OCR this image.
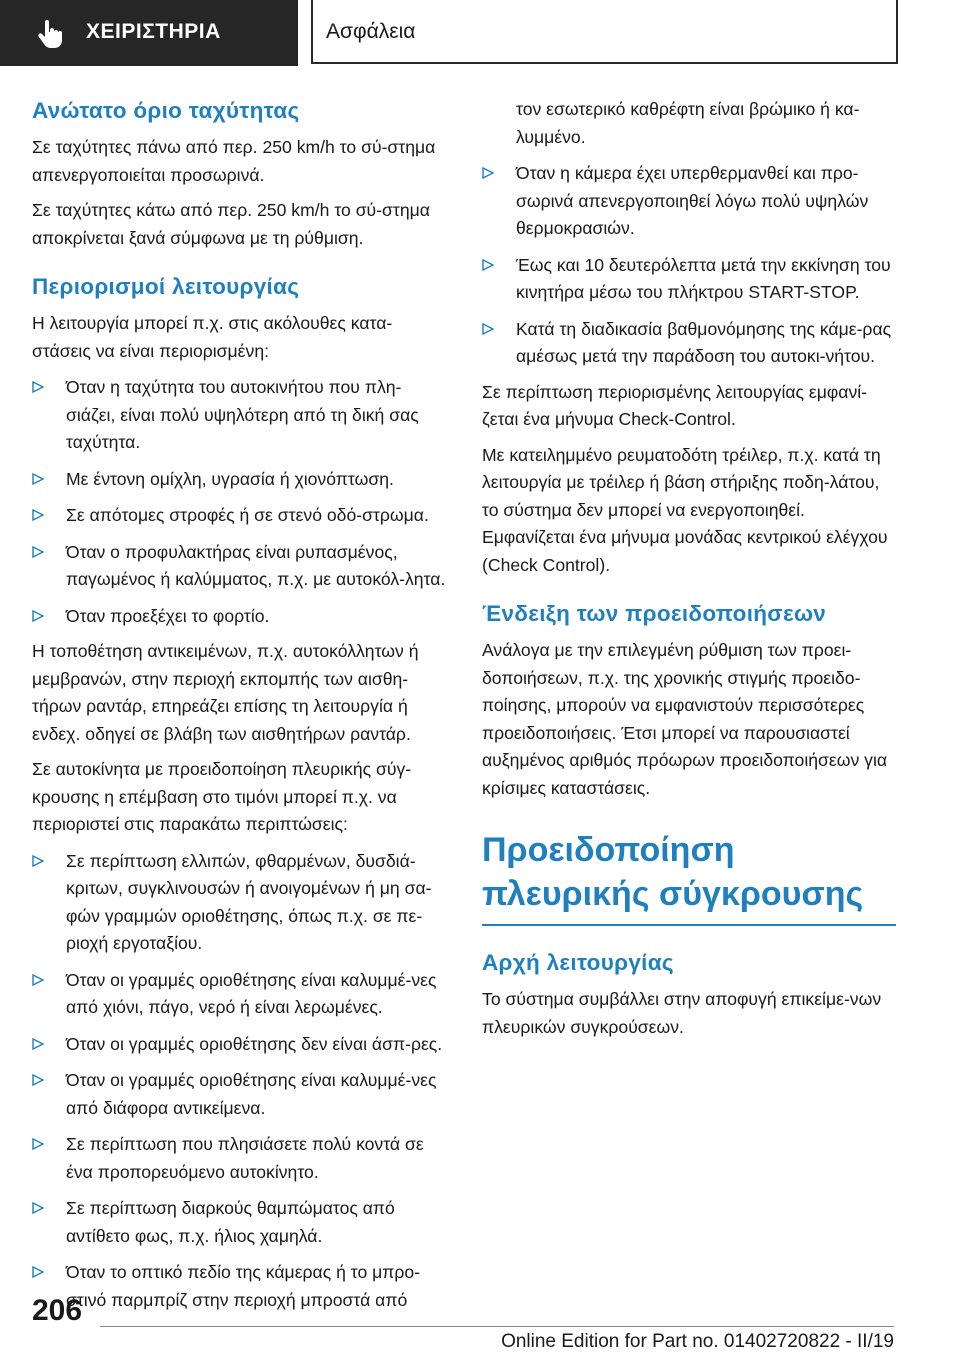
ΧΕΙΡΙΣΤΗΡΙΑ	Ασφάλεια
Ανώτατο όριο ταχύτητας

Σε ταχύτητες πάνω από περ. 250 km/h το σύ-στημα απενεργοποιείται προσωρινά.

Σε ταχύτητες κάτω από περ. 250 km/h το σύ-στημα αποκρίνεται ξανά σύμφωνα με τη ρύθμιση.

Περιορισμοί λειτουργίας

Η λειτουργία μπορεί π.χ. στις ακόλουθες κατα-στάσεις να είναι περιορισμένη:

Όταν η ταχύτητα του αυτοκινήτου που πλη-σιάζει, είναι πολύ υψηλότερη από τη δική σας ταχύτητα.
Με έντονη ομίχλη, υγρασία ή χιονόπτωση.
Σε απότομες στροφές ή σε στενό οδό-στρωμα.
Όταν ο προφυλακτήρας είναι ρυπασμένος, παγωμένος ή καλύμματος, π.χ. με αυτοκόλ-λητα.
Όταν προεξέχει το φορτίο.

Η τοποθέτηση αντικειμένων, π.χ. αυτοκόλλητων ή μεμβρανών, στην περιοχή εκπομπής των αισθη-τήρων ραντάρ, επηρεάζει επίσης τη λειτουργία ή ενδεχ. οδηγεί σε βλάβη των αισθητήρων ραντάρ.

Σε αυτοκίνητα με προειδοποίηση πλευρικής σύγ-κρουσης η επέμβαση στο τιμόνι μπορεί π.χ. να περιοριστεί στις παρακάτω περιπτώσεις:

Σε περίπτωση ελλιπών, φθαρμένων, δυσδιά-κριτων, συγκλινουσών ή ανοιγομένων ή μη σα-φών γραμμών οριοθέτησης, όπως π.χ. σε πε-ριοχή εργοταξίου.
Όταν οι γραμμές οριοθέτησης είναι καλυμμέ-νες από χιόνι, πάγο, νερό ή είναι λερωμένες.
Όταν οι γραμμές οριοθέτησης δεν είναι άσπ-ρες.
Όταν οι γραμμές οριοθέτησης είναι καλυμμέ-νες από διάφορα αντικείμενα.
Σε περίπτωση που πλησιάσετε πολύ κοντά σε ένα προπορευόμενο αυτοκίνητο.
Σε περίπτωση διαρκούς θαμπώματος από αντίθετο φως, π.χ. ήλιος χαμηλά.
Όταν το οπτικό πεδίο της κάμερας ή το μπρο-στινό παρμπρίζ στην περιοχή μπροστά από

τον εσωτερικό καθρέφτη είναι βρώμικο ή κα-λυμμένο.

Όταν η κάμερα έχει υπερθερμανθεί και προ-σωρινά απενεργοποιηθεί λόγω πολύ υψηλών θερμοκρασιών.
Έως και 10 δευτερόλεπτα μετά την εκκίνηση του κινητήρα μέσω του πλήκτρου START-STOP.
Κατά τη διαδικασία βαθμονόμησης της κάμε-ρας αμέσως μετά την παράδοση του αυτοκι-νήτου.

Σε περίπτωση περιορισμένης λειτουργίας εμφανί-ζεται ένα μήνυμα Check-Control.

Με κατειλημμένο ρευματοδότη τρέιλερ, π.χ. κατά τη λειτουργία με τρέιλερ ή βάση στήριξης ποδη-λάτου, το σύστημα δεν μπορεί να ενεργοποιηθεί. Εμφανίζεται ένα μήνυμα μονάδας κεντρικού ελέγχου (Check Control).

Ένδειξη των προειδοποιήσεων

Ανάλογα με την επιλεγμένη ρύθμιση των προει-δοποιήσεων, π.χ. της χρονικής στιγμής προειδο-ποίησης, μπορούν να εμφανιστούν περισσότερες προειδοποιήσεις. Έτσι μπορεί να παρουσιαστεί αυξημένος αριθμός πρόωρων προειδοποιήσεων για κρίσιμες καταστάσεις.

Προειδοποίηση πλευρικής σύγκρουσης
Αρχή λειτουργίας

Το σύστημα συμβάλλει στην αποφυγή επικείμε-νων πλευρικών συγκρούσεων.

206
Online Edition for Part no. 01402720822 - II/19
